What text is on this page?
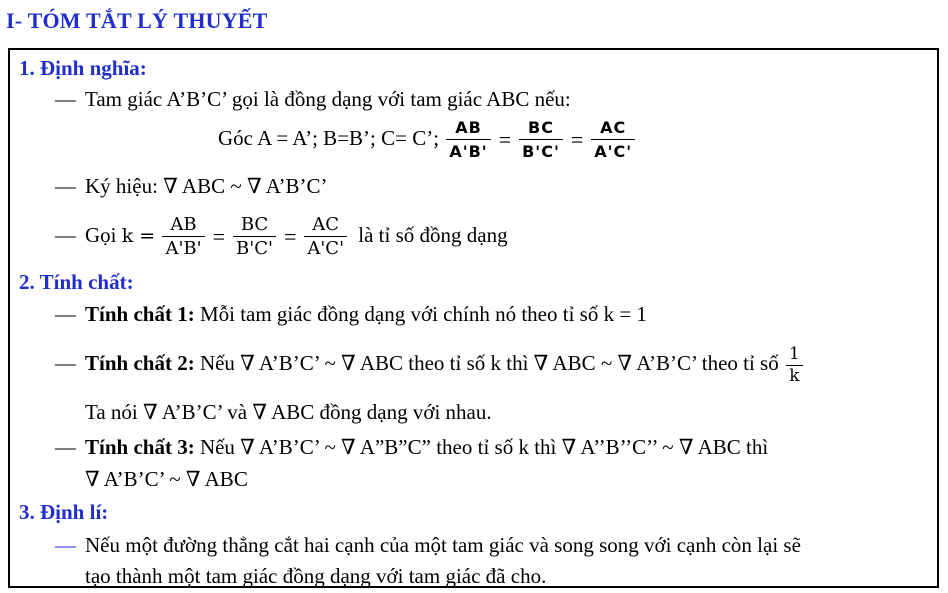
I- TÓM TẮT LÝ THUYẾT
1. Định nghĩa:
— Tam giác A’B’C’ gọi là đồng dạng với tam giác ABC nếu:
Góc A = A’; B=B’; C= C’; $\frac{AB}{A'B'} = \frac{BC}{B'C'} = \frac{AC}{A'C'}$
— Ký hiệu: ∇ ABC ~ ∇ A’B’C’
— Gọi $k = \frac{AB}{A'B'} = \frac{BC}{B'C'} = \frac{AC}{A'C'}$ là tỉ số đồng dạng
2. Tính chất:
— Tính chất 1: Mỗi tam giác đồng dạng với chính nó theo tỉ số k = 1
— Tính chất 2: Nếu ∇ A’B’C’ ~ ∇ ABC theo tỉ số k thì ∇ ABC ~ ∇ A’B’C’ theo tỉ số $\frac{1}{k}$
Ta nói ∇ A’B’C’ và ∇ ABC đồng dạng với nhau.
— Tính chất 3: Nếu ∇ A’B’C’ ~ ∇ A”B”C” theo tỉ số k thì ∇ A’’B’’C’’ ~ ∇ ABC thì
∇ A’B’C’ ~ ∇ ABC
3. Định lí:
— Nếu một đường thẳng cắt hai cạnh của một tam giác và song song với cạnh còn lại sẽ
tạo thành một tam giác đồng dạng với tam giác đã cho.
